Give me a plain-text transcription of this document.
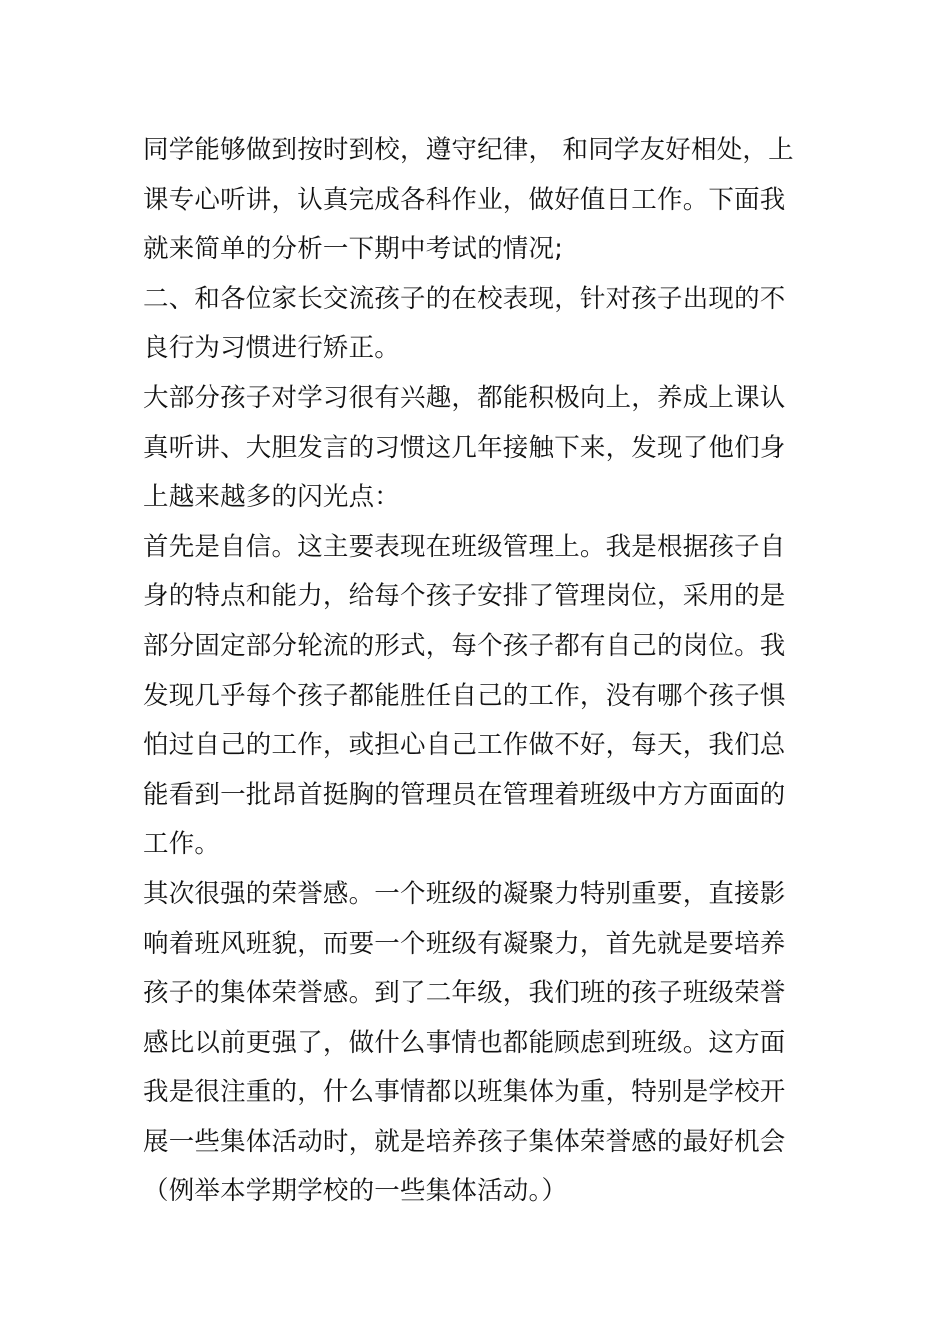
同学能够做到按时到校，遵守纪律， 和同学友好相处，上
课专心听讲，认真完成各科作业，做好值日工作。下面我
就来简单的分析一下期中考试的情况;
二、和各位家长交流孩子的在校表现，针对孩子出现的不
良行为习惯进行矫正。
大部分孩子对学习很有兴趣，都能积极向上，养成上课认
真听讲、大胆发言的习惯这几年接触下来，发现了他们身
上越来越多的闪光点：
首先是自信。这主要表现在班级管理上。我是根据孩子自
身的特点和能力，给每个孩子安排了管理岗位，采用的是
部分固定部分轮流的形式，每个孩子都有自己的岗位。我
发现几乎每个孩子都能胜任自己的工作，没有哪个孩子惧
怕过自己的工作，或担心自己工作做不好，每天，我们总
能看到一批昂首挺胸的管理员在管理着班级中方方面面的
工作。
其次很强的荣誉感。一个班级的凝聚力特别重要，直接影
响着班风班貌，而要一个班级有凝聚力，首先就是要培养
孩子的集体荣誉感。到了二年级，我们班的孩子班级荣誉
感比以前更强了，做什么事情也都能顾虑到班级。这方面
我是很注重的，什么事情都以班集体为重，特别是学校开
展一些集体活动时，就是培养孩子集体荣誉感的最好机会
（例举本学期学校的一些集体活动。）
